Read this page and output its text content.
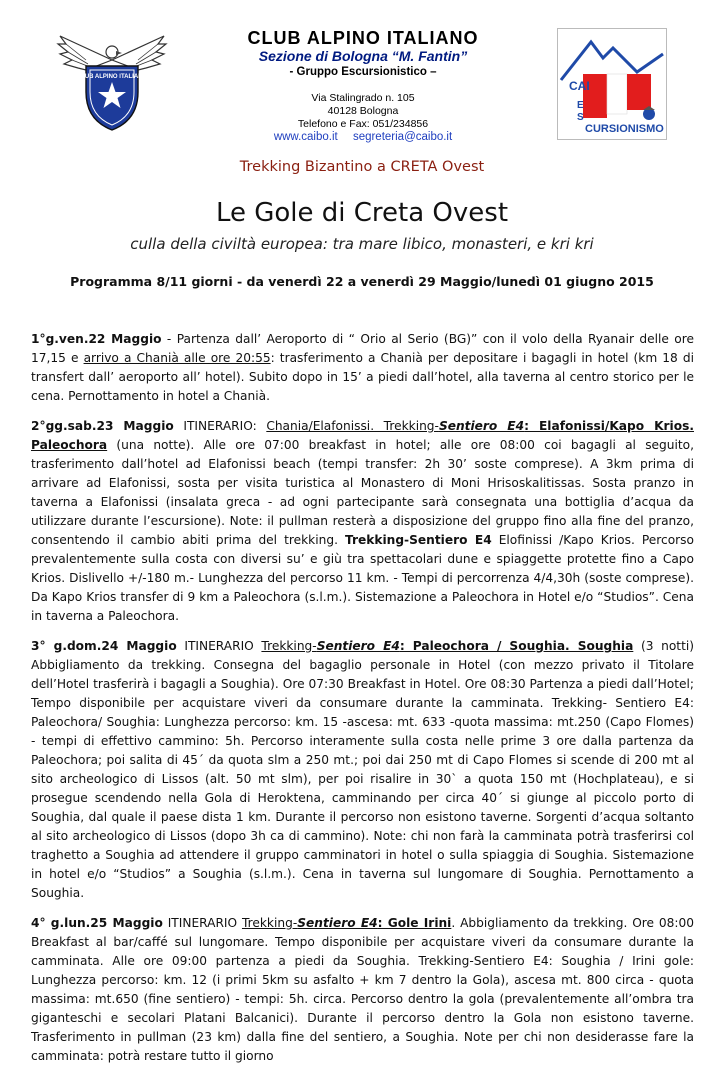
CLUB ALPINO ITALIANO
CLUB ALPINO ITALIANO
Sezione di Bologna “M. Fantin”
- Gruppo Escursionistico –
Via Stalingrado n. 105
40128 Bologna
Telefono e Fax: 051/234856
www.caibo.it segreteria@caibo.it
CAI
E
S
CURSIONISMO
Trekking Bizantino a CRETA Ovest
Le Gole di Creta Ovest
culla della civiltà europea: tra mare libico, monasteri, e kri kri
Programma 8/11 giorni - da venerdì 22 a venerdì 29 Maggio/lunedì 01 giugno 2015

1°g.ven.22 Maggio - Partenza dall’ Aeroporto di “ Orio al Serio (BG)” con il volo della Ryanair delle ore 17,15 e arrivo a Chanià alle ore 20:55: trasferimento a Chanià per depositare i bagagli in hotel (km 18 di transfert dall’ aeroporto all’ hotel). Subito dopo in 15’ a piedi dall’hotel, alla taverna al centro storico per le cena. Pernottamento in hotel a Chanià.

2°gg.sab.23 Maggio ITINERARIO: Chania/Elafonissi. Trekking-Sentiero E4: Elafonissi/Kapo Krios. Paleochora (una notte). Alle ore 07:00 breakfast in hotel; alle ore 08:00 coi bagagli al seguito, trasferimento dall’hotel ad Elafonissi beach (tempi transfer: 2h 30’ soste comprese). A 3km prima di arrivare ad Elafonissi, sosta per visita turistica al Monastero di Moni Hrisoskalitissas. Sosta pranzo in taverna a Elafonissi (insalata greca - ad ogni partecipante sarà consegnata una bottiglia d’acqua da utilizzare durante l’escursione). Note: il pullman resterà a disposizione del gruppo fino alla fine del pranzo, consentendo il cambio abiti prima del trekking. Trekking-Sentiero E4 Elofinissi /Kapo Krios. Percorso prevalentemente sulla costa con diversi su’ e giù tra spettacolari dune e spiaggette protette fino a Capo Krios. Dislivello +/-180 m.- Lunghezza del percorso 11 km. - Tempi di percorrenza 4/4,30h (soste comprese). Da Kapo Krios transfer di 9 km a Paleochora (s.l.m.). Sistemazione a Paleochora in Hotel e/o “Studios”. Cena in taverna a Paleochora.

3° g.dom.24 Maggio ITINERARIO Trekking-Sentiero E4: Paleochora / Soughia. Soughia (3 notti) Abbigliamento da trekking. Consegna del bagaglio personale in Hotel (con mezzo privato il Titolare dell’Hotel trasferirà i bagagli a Soughia). Ore 07:30 Breakfast in Hotel. Ore 08:30 Partenza a piedi dall’Hotel; Tempo disponibile per acquistare viveri da consumare durante la camminata. Trekking- Sentiero E4: Paleochora/ Soughia: Lunghezza percorso: km. 15 -ascesa: mt. 633 -quota massima: mt.250 (Capo Flomes) - tempi di effettivo cammino: 5h. Percorso interamente sulla costa nelle prime 3 ore dalla partenza da Paleochora; poi salita di 45΄ da quota slm a 250 mt.; poi dai 250 mt di Capo Flomes si scende di 200 mt al sito archeologico di Lissos (alt. 50 mt slm), per poi risalire in 30` a quota 150 mt (Hochplateau), e si prosegue scendendo nella Gola di Heroktena, camminando per circa 40΄ si giunge al piccolo porto di Soughia, dal quale il paese dista 1 km. Durante il percorso non esistono taverne. Sorgenti d’acqua soltanto al sito archeologico di Lissos (dopo 3h ca di cammino). Note: chi non farà la camminata potrà trasferirsi col traghetto a Soughia ad attendere il gruppo camminatori in hotel o sulla spiaggia di Soughia. Sistemazione in hotel e/o “Studios” a Soughia (s.l.m.). Cena in taverna sul lungomare di Soughia. Pernottamento a Soughia.

4° g.lun.25 Maggio ITINERARIO Trekking-Sentiero E4: Gole Irini. Abbigliamento da trekking. Ore 08:00 Breakfast al bar/caffé sul lungomare. Tempo disponibile per acquistare viveri da consumare durante la camminata. Alle ore 09:00 partenza a piedi da Soughia. Trekking-Sentiero E4: Soughia / Irini gole: Lunghezza percorso: km. 12 (i primi 5km su asfalto + km 7 dentro la Gola), ascesa mt. 800 circa - quota massima: mt.650 (fine sentiero) - tempi: 5h. circa. Percorso dentro la gola (prevalentemente all’ombra tra giganteschi e secolari Platani Balcanici). Durante il percorso dentro la Gola non esistono taverne. Trasferimento in pullman (23 km) dalla fine del sentiero, a Soughia. Note per chi non desiderasse fare la camminata: potrà restare tutto il giorno
